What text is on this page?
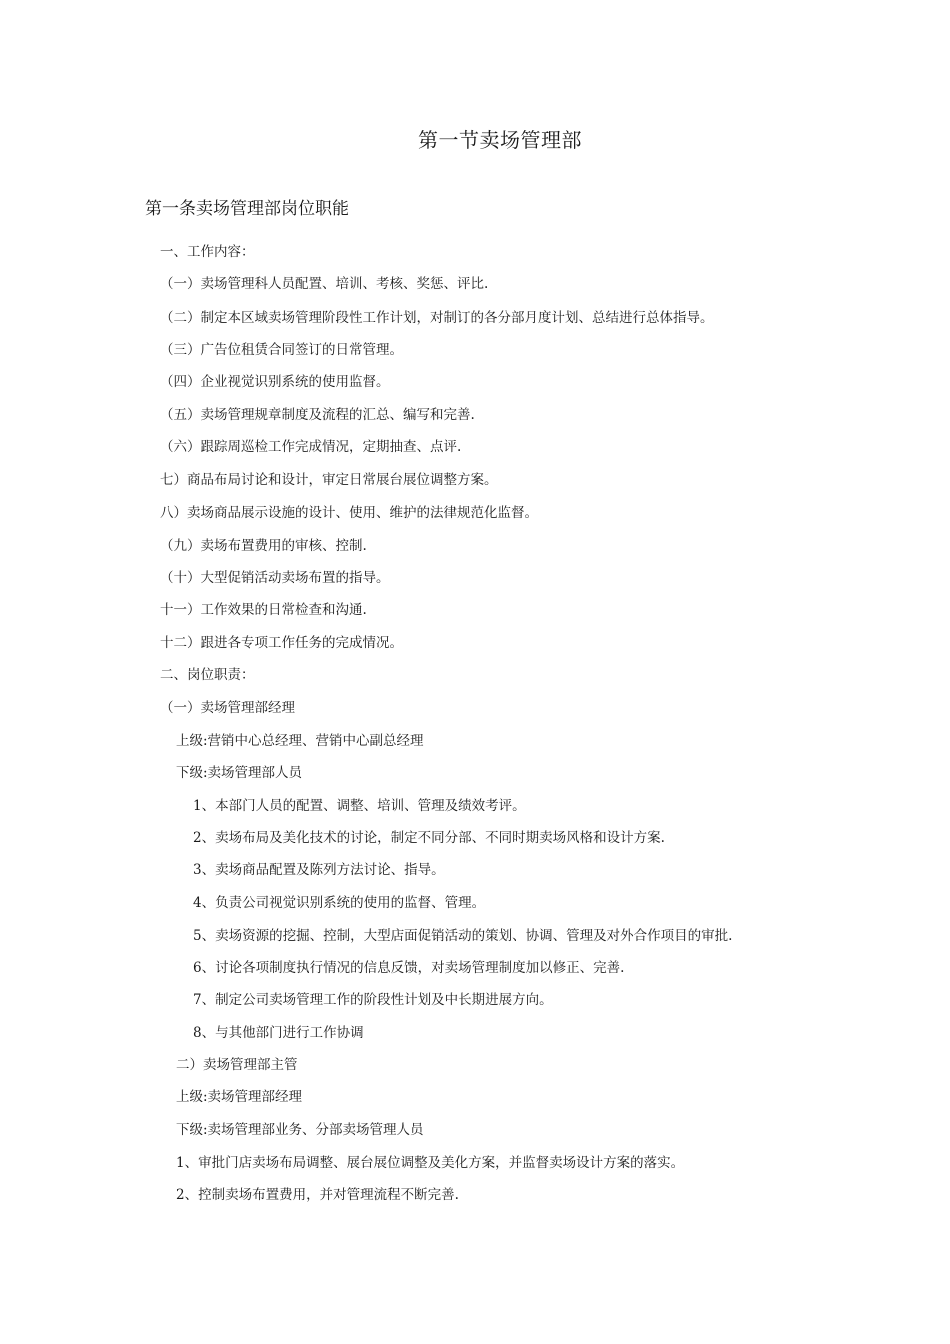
第一节卖场管理部
第一条卖场管理部岗位职能
一、工作内容：
（一）卖场管理科人员配置、培训、考核、奖惩、评比.
（二）制定本区域卖场管理阶段性工作计划，对制订的各分部月度计划、总结进行总体指导。
（三）广告位租赁合同签订的日常管理。
（四）企业视觉识别系统的使用监督。
（五）卖场管理规章制度及流程的汇总、编写和完善.
（六）跟踪周巡检工作完成情况，定期抽查、点评.
七）商品布局讨论和设计，审定日常展台展位调整方案。
八）卖场商品展示设施的设计、使用、维护的法律规范化监督。
（九）卖场布置费用的审核、控制.
（十）大型促销活动卖场布置的指导。
十一）工作效果的日常检查和沟通.
十二）跟进各专项工作任务的完成情况。
二、岗位职责：
（一）卖场管理部经理
上级:营销中心总经理、营销中心副总经理
下级:卖场管理部人员
1、本部门人员的配置、调整、培训、管理及绩效考评。
2、卖场布局及美化技术的讨论，制定不同分部、不同时期卖场风格和设计方案.
3、卖场商品配置及陈列方法讨论、指导。
4、负责公司视觉识别系统的使用的监督、管理。
5、卖场资源的挖掘、控制，大型店面促销活动的策划、协调、管理及对外合作项目的审批.
6、讨论各项制度执行情况的信息反馈，对卖场管理制度加以修正、完善.
7、制定公司卖场管理工作的阶段性计划及中长期进展方向。
8、与其他部门进行工作协调
二）卖场管理部主管
上级:卖场管理部经理
下级:卖场管理部业务、分部卖场管理人员
1、审批门店卖场布局调整、展台展位调整及美化方案，并监督卖场设计方案的落实。
2、控制卖场布置费用，并对管理流程不断完善.
